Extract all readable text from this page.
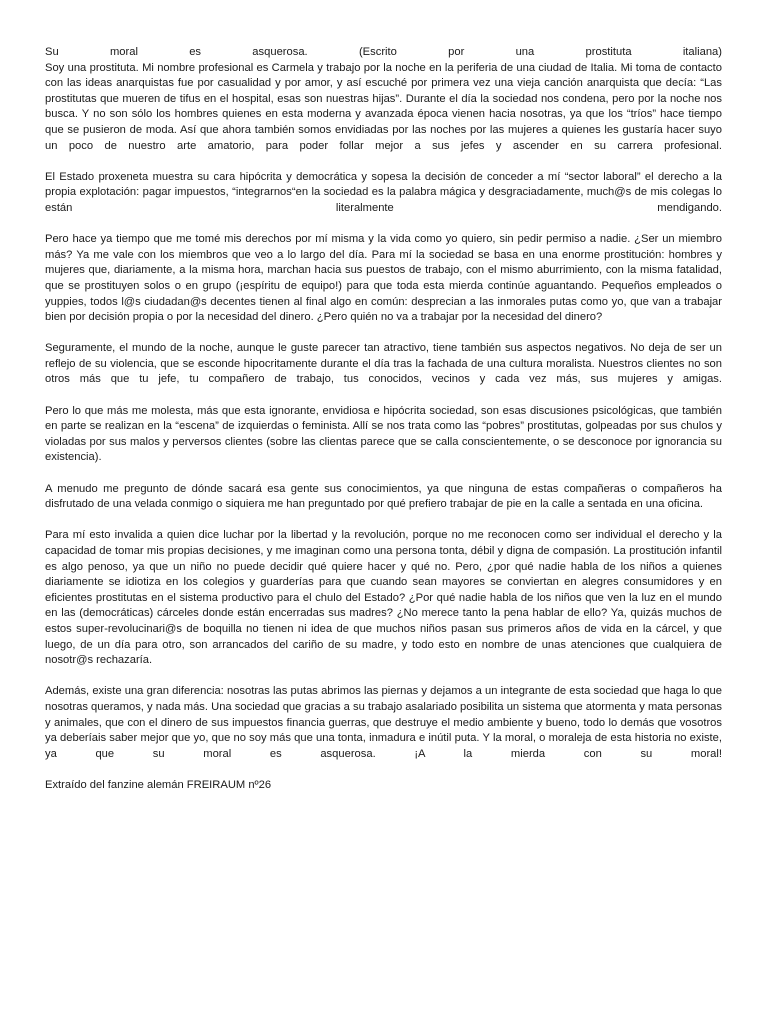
Su moral es asquerosa. (Escrito por una prostituta italiana)
Soy una prostituta. Mi nombre profesional es Carmela y trabajo por la noche en la periferia de una ciudad de Italia. Mi toma de contacto con las ideas anarquistas fue por casualidad y por amor, y así escuché por primera vez una vieja canción anarquista que decía: “Las prostitutas que mueren de tifus en el hospital, esas son nuestras hijas”. Durante el día la sociedad nos condena, pero por la noche nos busca. Y no son sólo los hombres quienes en esta moderna y avanzada época vienen hacia nosotras, ya que los “tríos” hace tiempo que se pusieron de moda. Así que ahora también somos envidiadas por las noches por las mujeres a quienes les gustaría hacer suyo un poco de nuestro arte amatorio, para poder follar mejor a sus jefes y ascender en su carrera profesional.

El Estado proxeneta muestra su cara hipócrita y democrática y sopesa la decisión de conceder a mí “sector laboral” el derecho a la propia explotación: pagar impuestos, “integrarnos“en la sociedad es la palabra mágica y desgraciadamente, much@s de mis colegas lo están literalmente mendigando.

Pero hace ya tiempo que me tomé mis derechos por mí misma y la vida como yo quiero, sin pedir permiso a nadie. ¿Ser un miembro más? Ya me vale con los miembros que veo a lo largo del día. Para mí la sociedad se basa en una enorme prostitución: hombres y mujeres que, diariamente, a la misma hora, marchan hacia sus puestos de trabajo, con el mismo aburrimiento, con la misma fatalidad, que se prostituyen solos o en grupo (¡espíritu de equipo!) para que toda esta mierda continúe aguantando. Pequeños empleados o yuppies, todos l@s ciudadan@s decentes tienen al final algo en común: desprecian a las inmorales putas como yo, que van a trabajar bien por decisión propia o por la necesidad del dinero. ¿Pero quién no va a trabajar por la necesidad del dinero?

Seguramente, el mundo de la noche, aunque le guste parecer tan atractivo, tiene también sus aspectos negativos. No deja de ser un reflejo de su violencia, que se esconde hipocritamente durante el día tras la fachada de una cultura moralista. Nuestros clientes no son otros más que tu jefe, tu compañero de trabajo, tus conocidos, vecinos y cada vez más, sus mujeres y amigas.

Pero lo que más me molesta, más que esta ignorante, envidiosa e hipócrita sociedad, son esas discusiones psicológicas, que también en parte se realizan en la “escena” de izquierdas o feminista. Allí se nos trata como las “pobres” prostitutas, golpeadas por sus chulos y violadas por sus malos y perversos clientes (sobre las clientas parece que se calla conscientemente, o se desconoce por ignorancia su existencia).

A menudo me pregunto de dónde sacará esa gente sus conocimientos, ya que ninguna de estas compañeras o compañeros ha disfrutado de una velada conmigo o siquiera me han preguntado por qué prefiero trabajar de pie en la calle a sentada en una oficina.

Para mí esto invalida a quien dice luchar por la libertad y la revolución, porque no me reconocen como ser individual el derecho y la capacidad de tomar mis propias decisiones, y me imaginan como una persona tonta, débil y digna de compasión. La prostitución infantil es algo penoso, ya que un niño no puede decidir qué quiere hacer y qué no. Pero, ¿por qué nadie habla de los niños a quienes diariamente se idiotiza en los colegios y guarderías para que cuando sean mayores se conviertan en alegres consumidores y en eficientes prostitutas en el sistema productivo para el chulo del Estado? ¿Por qué nadie habla de los niños que ven la luz en el mundo en las (democráticas) cárceles donde están encerradas sus madres? ¿No merece tanto la pena hablar de ello? Ya, quizás muchos de estos super-revolucinari@s de boquilla no tienen ni idea de que muchos niños pasan sus primeros años de vida en la cárcel, y que luego, de un día para otro, son arrancados del cariño de su madre, y todo esto en nombre de unas atenciones que cualquiera de nosotr@s rechazaría.

Además, existe una gran diferencia: nosotras las putas abrimos las piernas y dejamos a un integrante de esta sociedad que haga lo que nosotras queramos, y nada más. Una sociedad que gracias a su trabajo asalariado posibilita un sistema que atormenta y mata personas y animales, que con el dinero de sus impuestos financia guerras, que destruye el medio ambiente y bueno, todo lo demás que vosotros ya deberíais saber mejor que yo, que no soy más que una tonta, inmadura e inútil puta. Y la moral, o moraleja de esta historia no existe, ya que su moral es asquerosa. ¡A la mierda con su moral!

Extraído del fanzine alemán FREIRAUM nº26
